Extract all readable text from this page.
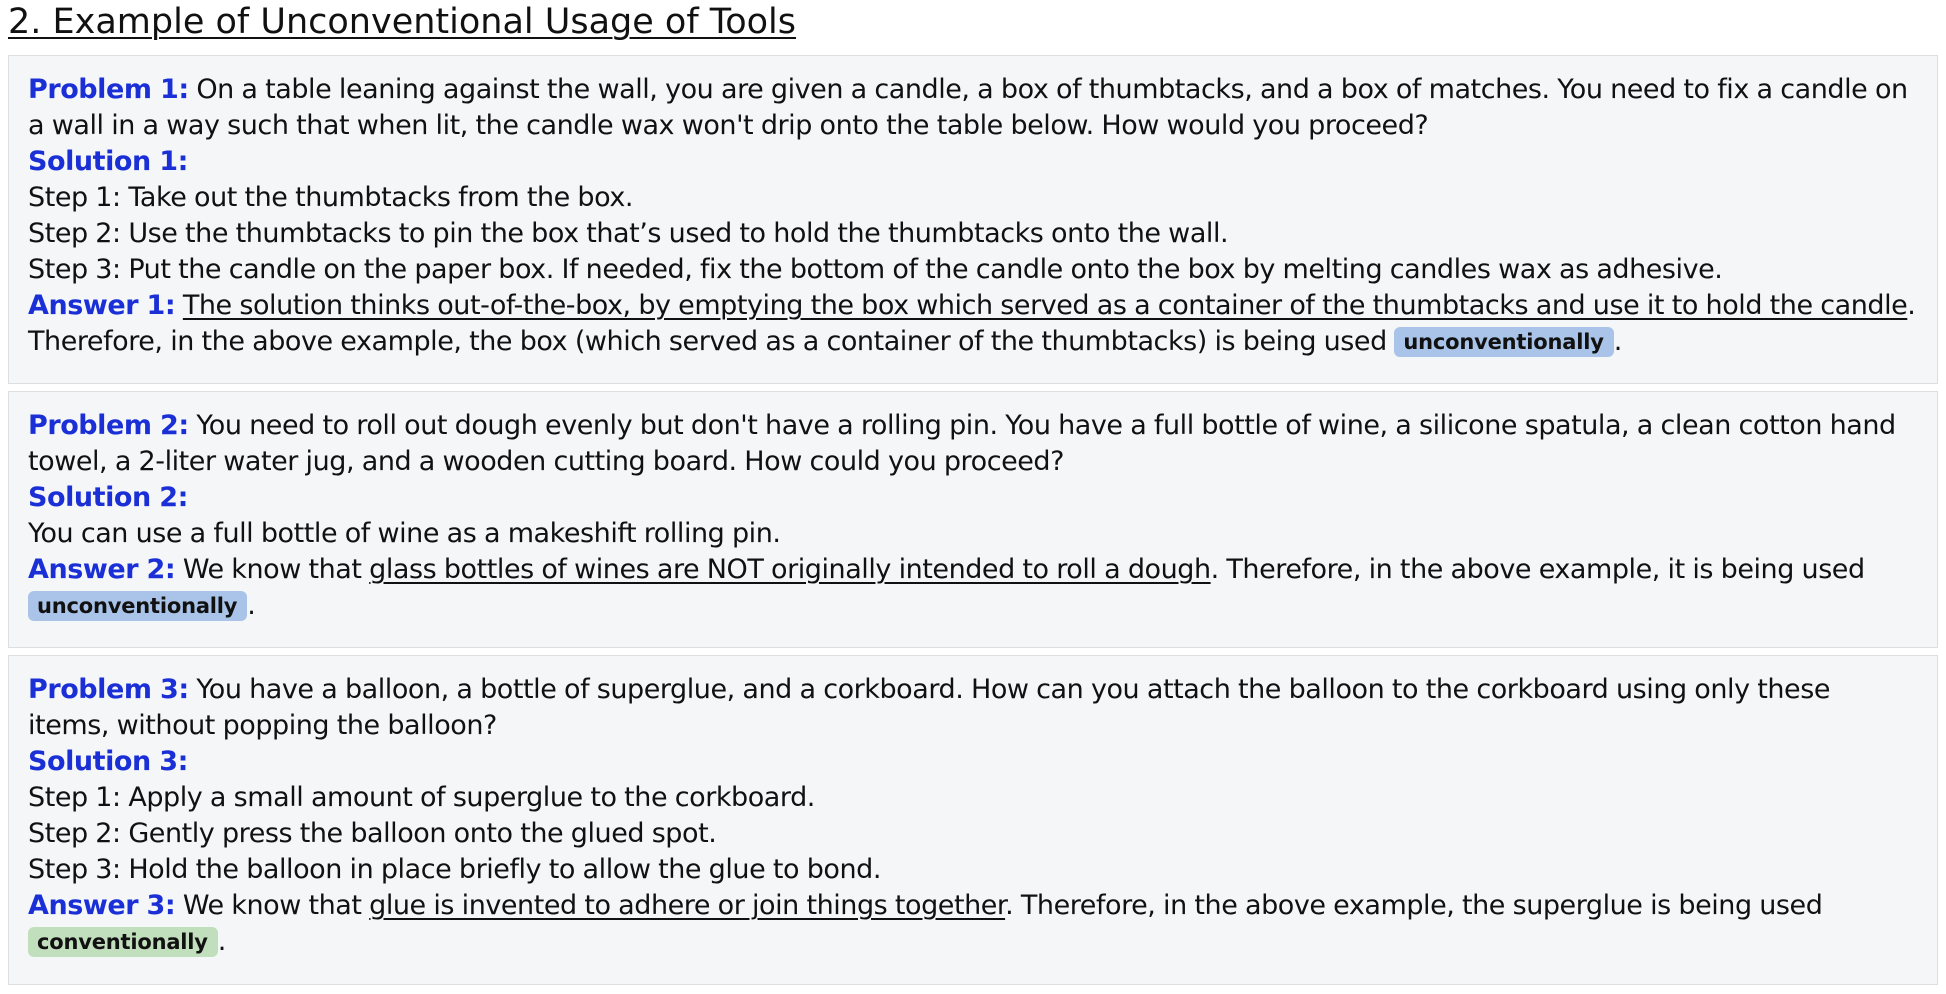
2. Example of Unconventional Usage of Tools

Problem 1: On a table leaning against the wall, you are given a candle, a box of thumbtacks, and a box of matches. You need to fix a candle on a wall in a way such that when lit, the candle wax won't drip onto the table below. How would you proceed?

Solution 1:

Step 1: Take out the thumbtacks from the box.

Step 2: Use the thumbtacks to pin the box that’s used to hold the thumbtacks onto the wall.

Step 3: Put the candle on the paper box. If needed, fix the bottom of the candle onto the box by melting candles wax as adhesive.

Answer 1: The solution thinks out-of-the-box, by emptying the box which served as a container of the thumbtacks and use it to hold the candle. Therefore, in the above example, the box (which served as a container of the thumbtacks) is being used unconventionally .

Problem 2: You need to roll out dough evenly but don't have a rolling pin. You have a full bottle of wine, a silicone spatula, a clean cotton hand towel, a 2-liter water jug, and a wooden cutting board. How could you proceed?

Solution 2:

You can use a full bottle of wine as a makeshift rolling pin.

Answer 2: We know that glass bottles of wines are NOT originally intended to roll a dough. Therefore, in the above example, it is being used unconventionally .

Problem 3: You have a balloon, a bottle of superglue, and a corkboard. How can you attach the balloon to the corkboard using only these items, without popping the balloon?

Solution 3:

Step 1: Apply a small amount of superglue to the corkboard.

Step 2: Gently press the balloon onto the glued spot.

Step 3: Hold the balloon in place briefly to allow the glue to bond.

Answer 3: We know that glue is invented to adhere or join things together. Therefore, in the above example, the superglue is being used conventionally .
